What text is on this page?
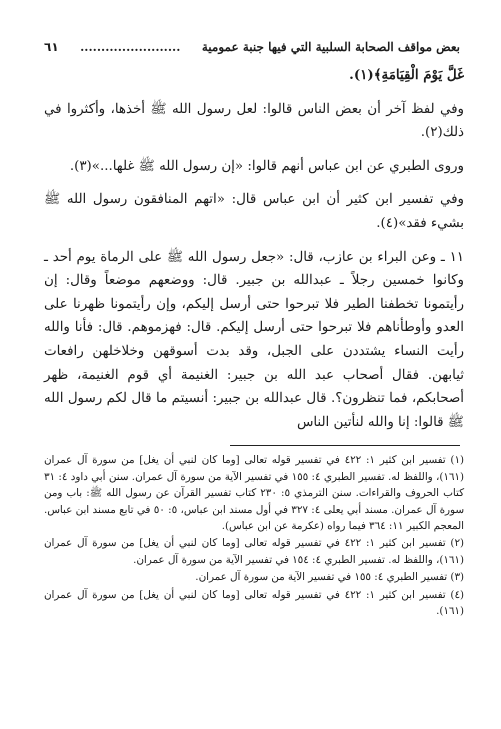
بعض مواقف الصحابة السلبية التي فيها جنبة عمومية
........................
٦١

غَلَّ يَوْمَ الْقِيَامَةِ﴾(١).

وفي لفظ آخر أن بعض الناس قالوا: لعل رسول الله ﷺ أخذها، وأكثروا في ذلك(٢).

وروى الطبري عن ابن عباس أنهم قالوا: «إن رسول الله ﷺ غلها...»(٣).

وفي تفسير ابن كثير أن ابن عباس قال: «اتهم المنافقون رسول الله ﷺ بشيء فقد»(٤).

١١ ـ وعن البراء بن عازب، قال: «جعل رسول الله ﷺ على الرماة يوم أحد ـ وكانوا خمسين رجلاً ـ عبدالله بن جبير. قال: ووضعهم موضعاً وقال: إن رأيتمونا تخطفنا الطير فلا تبرحوا حتى أرسل إليكم، وإن رأيتمونا ظهرنا على العدو وأوطأناهم فلا تبرحوا حتى أرسل إليكم. قال: فهزموهم. قال: فأنا والله رأيت النساء يشتددن على الجبل، وقد بدت أسوقهن وخلاخلهن رافعات ثيابهن. فقال أصحاب عبد الله بن جبير: الغنيمة أي قوم الغنيمة، ظهر أصحابكم، فما تنظرون؟. قال عبدالله بن جبير: أنسيتم ما قال لكم رسول الله ﷺ قالوا: إنا والله لنأتين الناس

(١) تفسير ابن كثير ١: ٤٢٢ في تفسير قوله تعالى [وما كان لنبي أن يغل] من سورة آل عمران (١٦١)، واللفظ له. تفسير الطبري ٤: ١٥٥ في تفسير الآية من سورة آل عمران. سنن أبي داود ٤: ٣١ كتاب الحروف والقراءات. سنن الترمذي ٥: ٢٣٠ كتاب تفسير القرآن عن رسول الله ﷺ: باب ومن سورة آل عمران. مسند أبي يعلى ٤: ٣٢٧ في أول مسند ابن عباس، ٥: ٥٠ في تابع مسند ابن عباس. المعجم الكبير ١١: ٣٦٤ فيما رواه (عكرمة عن ابن عباس).

(٢) تفسير ابن كثير ١: ٤٢٢ في تفسير قوله تعالى [وما كان لنبي أن يغل] من سورة آل عمران (١٦١)، واللفظ له. تفسير الطبري ٤: ١٥٤ في تفسير الآية من سورة آل عمران.

(٣) تفسير الطبري ٤: ١٥٥ في تفسير الآية من سورة آل عمران.

(٤) تفسير ابن كثير ١: ٤٢٢ في تفسير قوله تعالى [وما كان لنبي أن يغل] من سورة آل عمران (١٦١).
